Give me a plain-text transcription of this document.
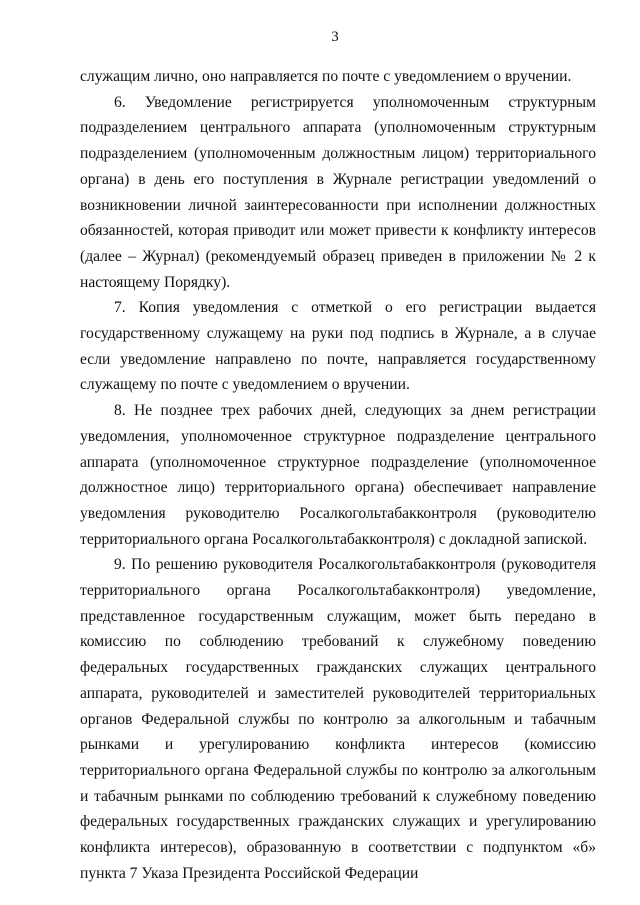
3

служащим лично, оно направляется по почте с уведомлением о вручении.

6. Уведомление регистрируется уполномоченным структурным подразделением центрального аппарата (уполномоченным структурным подразделением (уполномоченным должностным лицом) территориального органа) в день его поступления в Журнале регистрации уведомлений о возникновении личной заинтересованности при исполнении должностных обязанностей, которая приводит или может привести к конфликту интересов (далее – Журнал) (рекомендуемый образец приведен в приложении № 2 к настоящему Порядку).

7. Копия уведомления с отметкой о его регистрации выдается государственному служащему на руки под подпись в Журнале, а в случае если уведомление направлено по почте, направляется государственному служащему по почте с уведомлением о вручении.

8. Не позднее трех рабочих дней, следующих за днем регистрации уведомления, уполномоченное структурное подразделение центрального аппарата (уполномоченное структурное подразделение (уполномоченное должностное лицо) территориального органа) обеспечивает направление уведомления руководителю Росалкогольтабакконтроля (руководителю территориального органа Росалкогольтабакконтроля) с докладной запиской.

9. По решению руководителя Росалкогольтабакконтроля (руководителя территориального органа Росалкогольтабакконтроля) уведомление, представленное государственным служащим, может быть передано в комиссию по соблюдению требований к служебному поведению федеральных государственных гражданских служащих центрального аппарата, руководителей и заместителей руководителей территориальных органов Федеральной службы по контролю за алкогольным и табачным рынками и урегулированию конфликта интересов (комиссию территориального органа Федеральной службы по контролю за алкогольным и табачным рынками по соблюдению требований к служебному поведению федеральных государственных гражданских служащих и урегулированию конфликта интересов), образованную в соответствии с подпунктом «б» пункта 7 Указа Президента Российской Федерации
